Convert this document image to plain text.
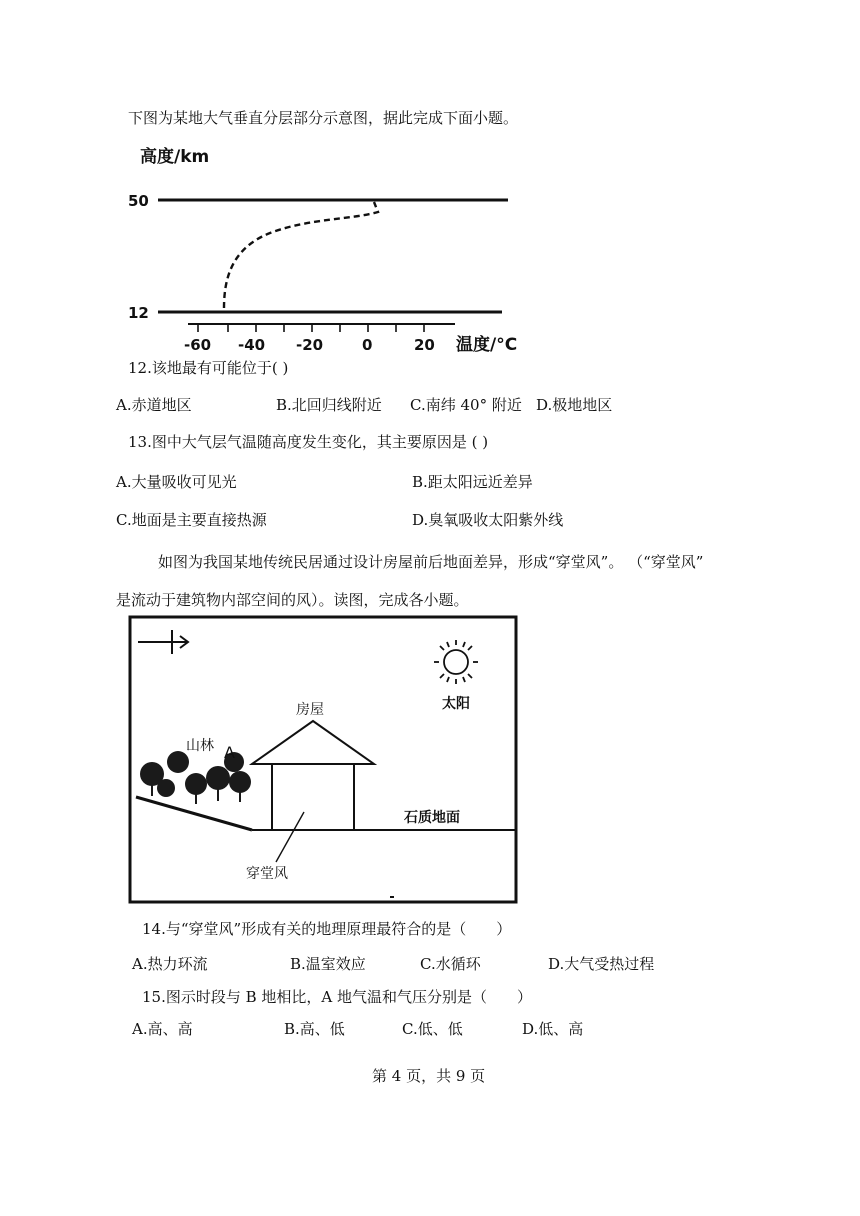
下图为某地大气垂直分层部分示意图，据此完成下面小题。
高度/km
50
12
-60 -40 -20	0	20 温度/°C
12.该地最有可能位于( )
A.赤道地区	B.北回归线附近 C.南纬 40° 附近 D.极地地区
13.图中大气层气温随高度发生变化，其主要原因是 ( )
A.大量吸收可见光	B.距太阳远近差异
C.地面是主要直接热源	D.臭氧吸收太阳紫外线
如图为我国某地传统民居通过设计房屋前后地面差异，形成“穿堂风”。 （“穿堂风”
是流动于建筑物内部空间的风）。读图，完成各小题。
太阳
房屋
山林 A
石质地面
穿堂风
14.与“穿堂风”形成有关的地理原理最符合的是（　　）
A.热力环流	B.温室效应	C.水循环	D.大气受热过程
15.图示时段与 B 地相比，A 地气温和气压分别是（　　）
A.高、高	B.高、低	C.低、低	D.低、高
第 4 页，共 9 页
